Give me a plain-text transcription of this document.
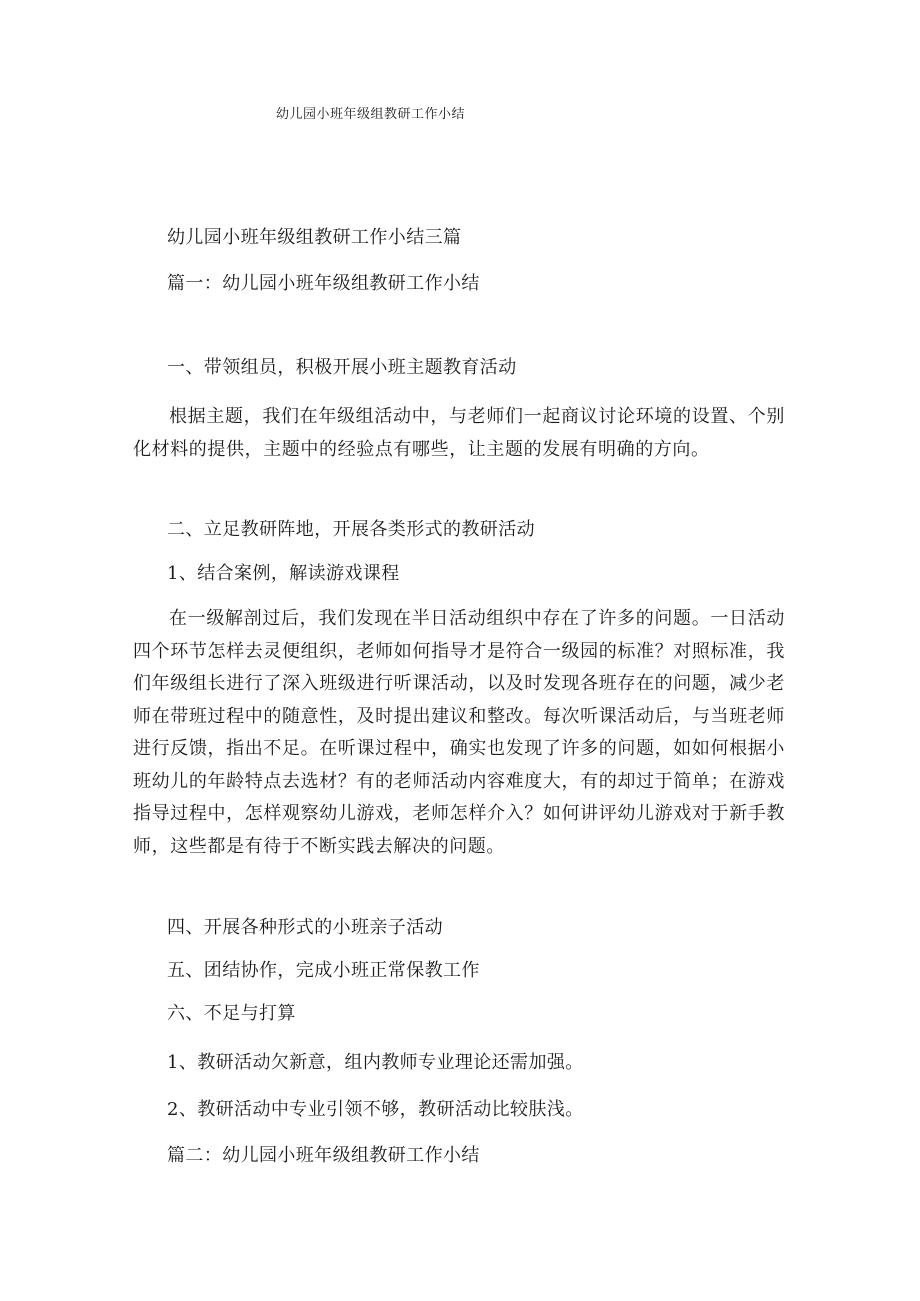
幼儿园小班年级组教研工作小结
幼儿园小班年级组教研工作小结三篇
篇一：幼儿园小班年级组教研工作小结
一、带领组员，积极开展小班主题教育活动
根据主题，我们在年级组活动中，与老师们一起商议讨论环境的设置、个别化材料的提供，主题中的经验点有哪些，让主题的发展有明确的方向。
二、立足教研阵地，开展各类形式的教研活动
1、结合案例，解读游戏课程
在一级解剖过后，我们发现在半日活动组织中存在了许多的问题。一日活动四个环节怎样去灵便组织，老师如何指导才是符合一级园的标准？对照标准，我们年级组长进行了深入班级进行听课活动，以及时发现各班存在的问题，减少老师在带班过程中的随意性，及时提出建议和整改。每次听课活动后，与当班老师进行反馈，指出不足。在听课过程中，确实也发现了许多的问题，如如何根据小班幼儿的年龄特点去选材？有的老师活动内容难度大，有的却过于简单；在游戏指导过程中，怎样观察幼儿游戏，老师怎样介入？如何讲评幼儿游戏对于新手教师，这些都是有待于不断实践去解决的问题。
四、开展各种形式的小班亲子活动
五、团结协作，完成小班正常保教工作
六、不足与打算
1、教研活动欠新意，组内教师专业理论还需加强。
2、教研活动中专业引领不够，教研活动比较肤浅。
篇二：幼儿园小班年级组教研工作小结
